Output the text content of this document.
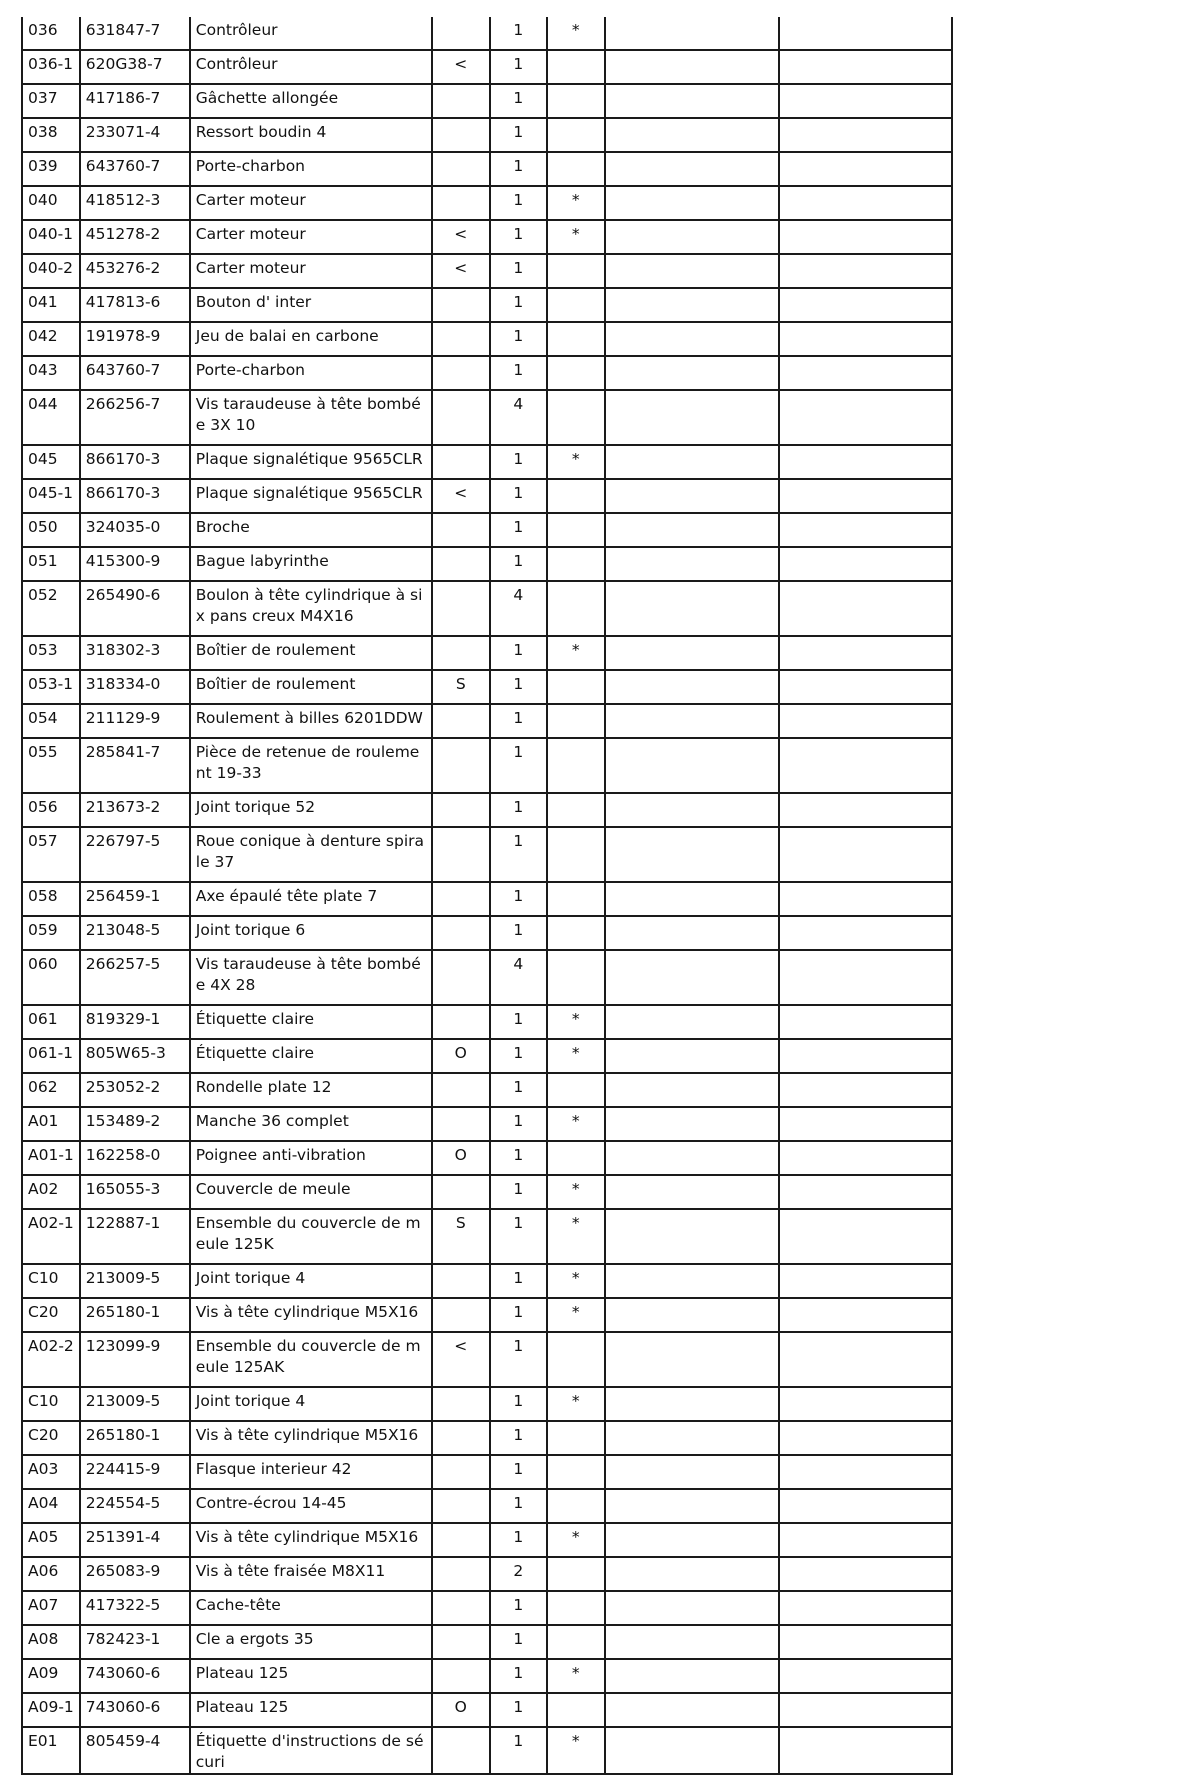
036	631847-7	Contrôleur		1	*		
036-1	620G38-7	Contrôleur	<	1			
037	417186-7	Gâchette allongée		1			
038	233071-4	Ressort boudin 4		1			
039	643760-7	Porte-charbon		1			
040	418512-3	Carter moteur		1	*		
040-1	451278-2	Carter moteur	<	1	*		
040-2	453276-2	Carter moteur	<	1			
041	417813-6	Bouton d' inter		1			
042	191978-9	Jeu de balai en carbone		1			
043	643760-7	Porte-charbon		1			
044	266256-7	Vis taraudeuse à tête bombée 3X 10		4			
045	866170-3	Plaque signalétique 9565CLR		1	*		
045-1	866170-3	Plaque signalétique 9565CLR	<	1			
050	324035-0	Broche		1			
051	415300-9	Bague labyrinthe		1			
052	265490-6	Boulon à tête cylindrique à six pans creux M4X16		4			
053	318302-3	Boîtier de roulement		1	*		
053-1	318334-0	Boîtier de roulement	S	1			
054	211129-9	Roulement à billes 6201DDW		1			
055	285841-7	Pièce de retenue de roulement 19-33		1			
056	213673-2	Joint torique 52		1			
057	226797-5	Roue conique à denture spirale 37		1			
058	256459-1	Axe épaulé tête plate 7		1			
059	213048-5	Joint torique 6		1			
060	266257-5	Vis taraudeuse à tête bombée 4X 28		4			
061	819329-1	Étiquette claire		1	*		
061-1	805W65-3	Étiquette claire	O	1	*		
062	253052-2	Rondelle plate 12		1			
A01	153489-2	Manche 36 complet		1	*		
A01-1	162258-0	Poignee anti-vibration	O	1			
A02	165055-3	Couvercle de meule		1	*		
A02-1	122887-1	Ensemble du couvercle de meule 125K	S	1	*		
C10	213009-5	Joint torique 4		1	*		
C20	265180-1	Vis à tête cylindrique M5X16		1	*		
A02-2	123099-9	Ensemble du couvercle de meule 125AK	<	1			
C10	213009-5	Joint torique 4		1	*		
C20	265180-1	Vis à tête cylindrique M5X16		1			
A03	224415-9	Flasque interieur 42		1			
A04	224554-5	Contre-écrou 14-45		1			
A05	251391-4	Vis à tête cylindrique M5X16		1	*		
A06	265083-9	Vis à tête fraisée M8X11		2			
A07	417322-5	Cache-tête		1			
A08	782423-1	Cle a ergots 35		1			
A09	743060-6	Plateau 125		1	*		
A09-1	743060-6	Plateau 125	O	1			
E01	805459-4	Étiquette d'instructions de sécuri		1	*		
